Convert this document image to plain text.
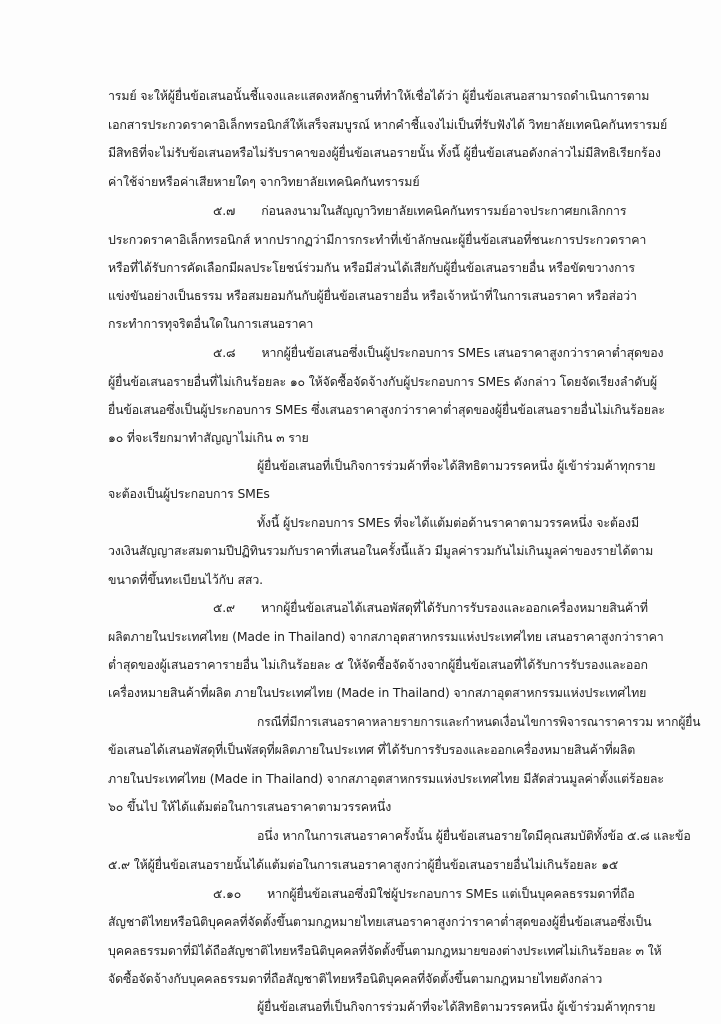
ารมย์ จะให้ผู้ยื่นข้อเสนอนั้นชี้แจงและแสดงหลักฐานที่ทำให้เชื่อได้ว่า ผู้ยื่นข้อเสนอสามารถดำเนินการตาม
เอกสารประกวดราคาอิเล็กทรอนิกส์ให้เสร็จสมบูรณ์ หากคำชี้แจงไม่เป็นที่รับฟังได้ วิทยาลัยเทคนิคกันทรารมย์
มีสิทธิที่จะไม่รับข้อเสนอหรือไม่รับราคาของผู้ยื่นข้อเสนอรายนั้น ทั้งนี้ ผู้ยื่นข้อเสนอดังกล่าวไม่มีสิทธิเรียกร้อง
ค่าใช้จ่ายหรือค่าเสียหายใดๆ จากวิทยาลัยเทคนิคกันทรารมย์
๕.๗ ก่อนลงนามในสัญญาวิทยาลัยเทคนิคกันทรารมย์อาจประกาศยกเลิกการ
ประกวดราคาอิเล็กทรอนิกส์ หากปรากฏว่ามีการกระทำที่เข้าลักษณะผู้ยื่นข้อเสนอที่ชนะการประกวดราคา
หรือที่ได้รับการคัดเลือกมีผลประโยชน์ร่วมกัน หรือมีส่วนได้เสียกับผู้ยื่นข้อเสนอรายอื่น หรือขัดขวางการ
แข่งขันอย่างเป็นธรรม หรือสมยอมกันกับผู้ยื่นข้อเสนอรายอื่น หรือเจ้าหน้าที่ในการเสนอราคา หรือส่อว่า
กระทำการทุจริตอื่นใดในการเสนอราคา
๕.๘ หากผู้ยื่นข้อเสนอซึ่งเป็นผู้ประกอบการ SMEs เสนอราคาสูงกว่าราคาต่ำสุดของ
ผู้ยื่นข้อเสนอรายอื่นที่ไม่เกินร้อยละ ๑๐ ให้จัดซื้อจัดจ้างกับผู้ประกอบการ SMEs ดังกล่าว โดยจัดเรียงลำดับผู้
ยื่นข้อเสนอซึ่งเป็นผู้ประกอบการ SMEs ซึ่งเสนอราคาสูงกว่าราคาต่ำสุดของผู้ยื่นข้อเสนอรายอื่นไม่เกินร้อยละ
๑๐ ที่จะเรียกมาทำสัญญาไม่เกิน ๓ ราย
ผู้ยื่นข้อเสนอที่เป็นกิจการร่วมค้าที่จะได้สิทธิตามวรรคหนึ่ง ผู้เข้าร่วมค้าทุกราย
จะต้องเป็นผู้ประกอบการ SMEs
ทั้งนี้ ผู้ประกอบการ SMEs ที่จะได้แต้มต่อด้านราคาตามวรรคหนึ่ง จะต้องมี
วงเงินสัญญาสะสมตามปีปฏิทินรวมกับราคาที่เสนอในครั้งนี้แล้ว มีมูลค่ารวมกันไม่เกินมูลค่าของรายได้ตาม
ขนาดที่ขึ้นทะเบียนไว้กับ สสว.
๕.๙ หากผู้ยื่นข้อเสนอได้เสนอพัสดุที่ได้รับการรับรองและออกเครื่องหมายสินค้าที่
ผลิตภายในประเทศไทย (Made in Thailand) จากสภาอุตสาหกรรมแห่งประเทศไทย เสนอราคาสูงกว่าราคา
ต่ำสุดของผู้เสนอราคารายอื่น ไม่เกินร้อยละ ๕ ให้จัดซื้อจัดจ้างจากผู้ยื่นข้อเสนอที่ได้รับการรับรองและออก
เครื่องหมายสินค้าที่ผลิต ภายในประเทศไทย (Made in Thailand) จากสภาอุตสาหกรรมแห่งประเทศไทย
กรณีที่มีการเสนอราคาหลายรายการและกำหนดเงื่อนไขการพิจารณาราคารวม หากผู้ยื่น
ข้อเสนอได้เสนอพัสดุที่เป็นพัสดุที่ผลิตภายในประเทศ ที่ได้รับการรับรองและออกเครื่องหมายสินค้าที่ผลิต
ภายในประเทศไทย (Made in Thailand) จากสภาอุตสาหกรรมแห่งประเทศไทย มีสัดส่วนมูลค่าตั้งแต่ร้อยละ
๖๐ ขึ้นไป ให้ได้แต้มต่อในการเสนอราคาตามวรรคหนึ่ง
อนึ่ง หากในการเสนอราคาครั้งนั้น ผู้ยื่นข้อเสนอรายใดมีคุณสมบัติทั้งข้อ ๕.๘ และข้อ
๕.๙ ให้ผู้ยื่นข้อเสนอรายนั้นได้แต้มต่อในการเสนอราคาสูงกว่าผู้ยื่นข้อเสนอรายอื่นไม่เกินร้อยละ ๑๕
๕.๑๐ หากผู้ยื่นข้อเสนอซึ่งมิใช่ผู้ประกอบการ SMEs แต่เป็นบุคคลธรรมดาที่ถือ
สัญชาติไทยหรือนิติบุคคลที่จัดตั้งขึ้นตามกฎหมายไทยเสนอราคาสูงกว่าราคาต่ำสุดของผู้ยื่นข้อเสนอซึ่งเป็น
บุคคลธรรมดาที่มิได้ถือสัญชาติไทยหรือนิติบุคคลที่จัดตั้งขึ้นตามกฎหมายของต่างประเทศไม่เกินร้อยละ ๓ ให้
จัดซื้อจัดจ้างกับบุคคลธรรมดาที่ถือสัญชาติไทยหรือนิติบุคคลที่จัดตั้งขึ้นตามกฎหมายไทยดังกล่าว
ผู้ยื่นข้อเสนอที่เป็นกิจการร่วมค้าที่จะได้สิทธิตามวรรคหนึ่ง ผู้เข้าร่วมค้าทุกราย
